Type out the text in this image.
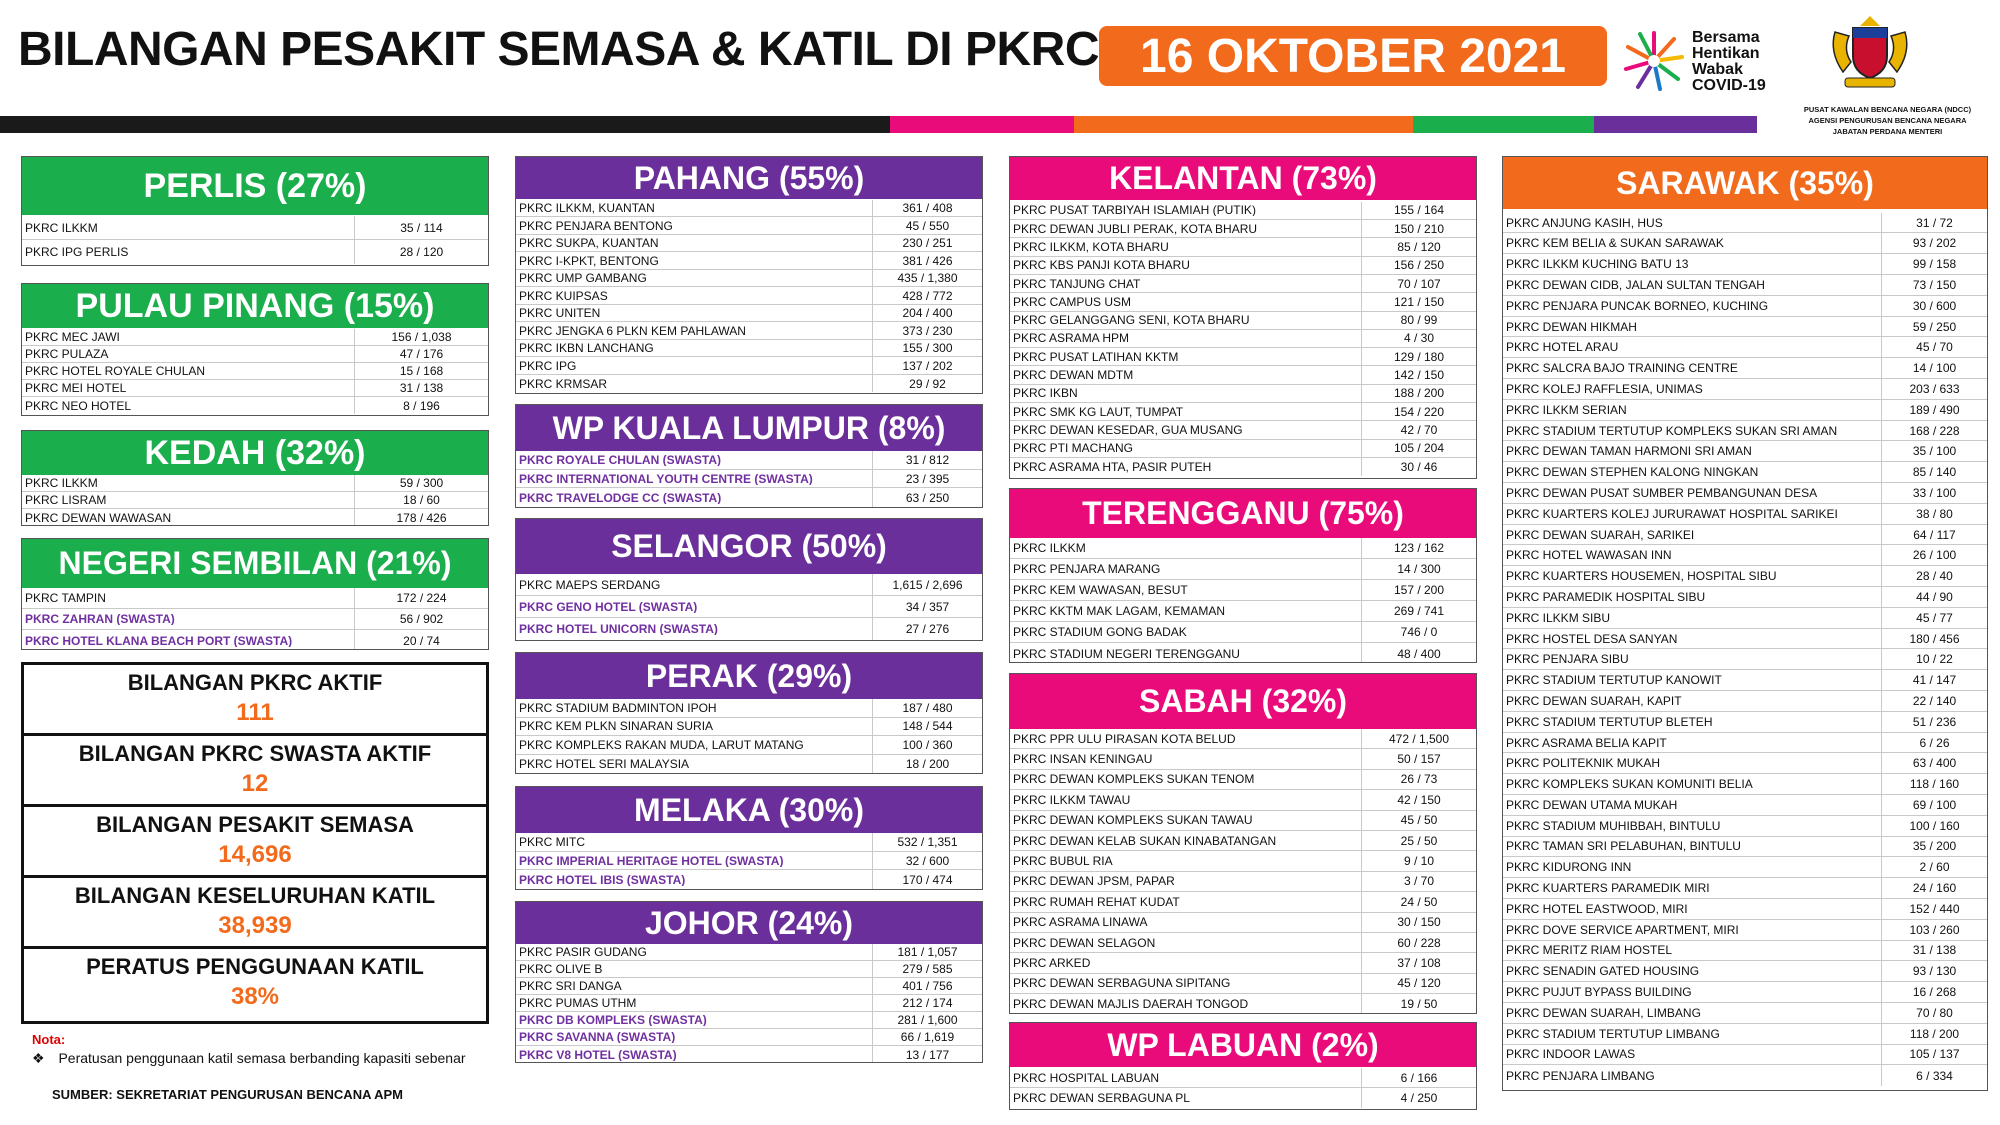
BILANGAN PESAKIT SEMASA & KATIL DI PKRC 16 OKTOBER 2021	Bersama
Hentikan
Wabak
COVID-19
PUSAT KAWALAN BENCANA NEGARA (NDCC)
AGENSI PENGURUSAN BENCANA NEGARA
JABATAN PERDANA MENTERI
PERLIS (27%)
PKRC ILKKM	35 / 114
PKRC IPG PERLIS	28 / 120
PULAU PINANG (15%)
PKRC MEC JAWI	156 / 1,038
PKRC PULAZA	47 / 176
PKRC HOTEL ROYALE CHULAN	15 / 168
PKRC MEI HOTEL	31 / 138
PKRC NEO HOTEL	8 / 196
KEDAH (32%)
PKRC ILKKM	59 / 300
PKRC LISRAM	18 / 60
PKRC DEWAN WAWASAN	178 / 426
NEGERI SEMBILAN (21%)
PKRC TAMPIN	172 / 224
PKRC ZAHRAN (SWASTA)	56 / 902
PKRC HOTEL KLANA BEACH PORT (SWASTA)	20 / 74
PAHANG (55%)
PKRC ILKKM, KUANTAN	361 / 408
PKRC PENJARA BENTONG	45 / 550
PKRC SUKPA, KUANTAN	230 / 251
PKRC I-KPKT, BENTONG	381 / 426
PKRC UMP GAMBANG	435 / 1,380
PKRC KUIPSAS	428 / 772
PKRC UNITEN	204 / 400
PKRC JENGKA 6 PLKN KEM PAHLAWAN	373 / 230
PKRC IKBN LANCHANG	155 / 300
PKRC IPG	137 / 202
PKRC KRMSAR	29 / 92
WP KUALA LUMPUR (8%)
PKRC ROYALE CHULAN (SWASTA)	31 / 812
PKRC INTERNATIONAL YOUTH CENTRE (SWASTA)	23 / 395
PKRC TRAVELODGE CC (SWASTA)	63 / 250
SELANGOR (50%)
PKRC MAEPS SERDANG	1,615 / 2,696
PKRC GENO HOTEL (SWASTA)	34 / 357
PKRC HOTEL UNICORN (SWASTA)	27 / 276
PERAK (29%)
PKRC STADIUM BADMINTON IPOH	187 / 480
PKRC KEM PLKN SINARAN SURIA	148 / 544
PKRC KOMPLEKS RAKAN MUDA, LARUT MATANG	100 / 360
PKRC HOTEL SERI MALAYSIA	18 / 200
MELAKA (30%)
PKRC MITC	532 / 1,351
PKRC IMPERIAL HERITAGE HOTEL (SWASTA)	32 / 600
PKRC HOTEL IBIS (SWASTA)	170 / 474
JOHOR (24%)
PKRC PASIR GUDANG	181 / 1,057
PKRC OLIVE B	279 / 585
PKRC SRI DANGA	401 / 756
PKRC PUMAS UTHM	212 / 174
PKRC DB KOMPLEKS (SWASTA)	281 / 1,600
PKRC SAVANNA (SWASTA)	66 / 1,619
PKRC V8 HOTEL (SWASTA)	13 / 177
KELANTAN (73%)
PKRC PUSAT TARBIYAH ISLAMIAH (PUTIK)	155 / 164
PKRC DEWAN JUBLI PERAK, KOTA BHARU	150 / 210
PKRC ILKKM, KOTA BHARU	85 / 120
PKRC KBS PANJI KOTA BHARU	156 / 250
PKRC TANJUNG CHAT	70 / 107
PKRC CAMPUS USM	121 / 150
PKRC GELANGGANG SENI, KOTA BHARU	80 / 99
PKRC ASRAMA HPM	4 / 30
PKRC PUSAT LATIHAN KKTM	129 / 180
PKRC DEWAN MDTM	142 / 150
PKRC IKBN	188 / 200
PKRC SMK KG LAUT, TUMPAT	154 / 220
PKRC DEWAN KESEDAR, GUA MUSANG	42 / 70
PKRC PTI MACHANG	105 / 204
PKRC ASRAMA HTA, PASIR PUTEH	30 / 46
TERENGGANU (75%)
PKRC ILKKM	123 / 162
PKRC PENJARA MARANG	14 / 300
PKRC KEM WAWASAN, BESUT	157 / 200
PKRC KKTM MAK LAGAM, KEMAMAN	269 / 741
PKRC STADIUM GONG BADAK	746 / 0
PKRC STADIUM NEGERI TERENGGANU	48 / 400
SABAH (32%)
PKRC PPR ULU PIRASAN KOTA BELUD	472 / 1,500
PKRC INSAN KENINGAU	50 / 157
PKRC DEWAN KOMPLEKS SUKAN TENOM	26 / 73
PKRC ILKKM TAWAU	42 / 150
PKRC DEWAN KOMPLEKS SUKAN TAWAU	45 / 50
PKRC DEWAN KELAB SUKAN KINABATANGAN	25 / 50
PKRC BUBUL RIA	9 / 10
PKRC DEWAN JPSM, PAPAR	3 / 70
PKRC RUMAH REHAT KUDAT	24 / 50
PKRC ASRAMA LINAWA	30 / 150
PKRC DEWAN SELAGON	60 / 228
PKRC ARKED	37 / 108
PKRC DEWAN SERBAGUNA SIPITANG	45 / 120
PKRC DEWAN MAJLIS DAERAH TONGOD	19 / 50
WP LABUAN (2%)
PKRC HOSPITAL LABUAN	6 / 166
PKRC DEWAN SERBAGUNA PL	4 / 250
SARAWAK (35%)
PKRC ANJUNG KASIH, HUS	31 / 72
PKRC KEM BELIA & SUKAN SARAWAK	93 / 202
PKRC ILKKM KUCHING BATU 13	99 / 158
PKRC DEWAN CIDB, JALAN SULTAN TENGAH	73 / 150
PKRC PENJARA PUNCAK BORNEO, KUCHING	30 / 600
PKRC DEWAN HIKMAH	59 / 250
PKRC HOTEL ARAU	45 / 70
PKRC SALCRA BAJO TRAINING CENTRE	14 / 100
PKRC KOLEJ RAFFLESIA, UNIMAS	203 / 633
PKRC ILKKM SERIAN	189 / 490
PKRC STADIUM TERTUTUP KOMPLEKS SUKAN SRI AMAN	168 / 228
PKRC DEWAN TAMAN HARMONI SRI AMAN	35 / 100
PKRC DEWAN STEPHEN KALONG NINGKAN	85 / 140
PKRC DEWAN PUSAT SUMBER PEMBANGUNAN DESA	33 / 100
PKRC KUARTERS KOLEJ JURURAWAT HOSPITAL SARIKEI	38 / 80
PKRC DEWAN SUARAH, SARIKEI	64 / 117
PKRC HOTEL WAWASAN INN	26 / 100
PKRC KUARTERS HOUSEMEN, HOSPITAL SIBU	28 / 40
PKRC PARAMEDIK HOSPITAL SIBU	44 / 90
PKRC ILKKM SIBU	45 / 77
PKRC HOSTEL DESA SANYAN	180 / 456
PKRC PENJARA SIBU	10 / 22
PKRC STADIUM TERTUTUP KANOWIT	41 / 147
PKRC DEWAN SUARAH, KAPIT	22 / 140
PKRC STADIUM TERTUTUP BLETEH	51 / 236
PKRC ASRAMA BELIA KAPIT	6 / 26
PKRC POLITEKNIK MUKAH	63 / 400
PKRC KOMPLEKS SUKAN KOMUNITI BELIA	118 / 160
PKRC DEWAN UTAMA MUKAH	69 / 100
PKRC STADIUM MUHIBBAH, BINTULU	100 / 160
PKRC TAMAN SRI PELABUHAN, BINTULU	35 / 200
PKRC KIDURONG INN	2 / 60
PKRC KUARTERS PARAMEDIK MIRI	24 / 160
PKRC HOTEL EASTWOOD, MIRI	152 / 440
PKRC DOVE SERVICE APARTMENT, MIRI	103 / 260
PKRC MERITZ RIAM HOSTEL	31 / 138
PKRC SENADIN GATED HOUSING	93 / 130
PKRC PUJUT BYPASS BUILDING	16 / 268
PKRC DEWAN SUARAH, LIMBANG	70 / 80
PKRC STADIUM TERTUTUP LIMBANG	118 / 200
PKRC INDOOR LAWAS	105 / 137
PKRC PENJARA LIMBANG	6 / 334
BILANGAN PKRC AKTIF
111
BILANGAN PKRC SWASTA AKTIF
12
BILANGAN PESAKIT SEMASA
14,696
BILANGAN KESELURUHAN KATIL
38,939
PERATUS PENGGUNAAN KATIL
38%
Nota:
❖ Peratusan penggunaan katil semasa berbanding kapasiti sebenar
SUMBER: SEKRETARIAT PENGURUSAN BENCANA APM
